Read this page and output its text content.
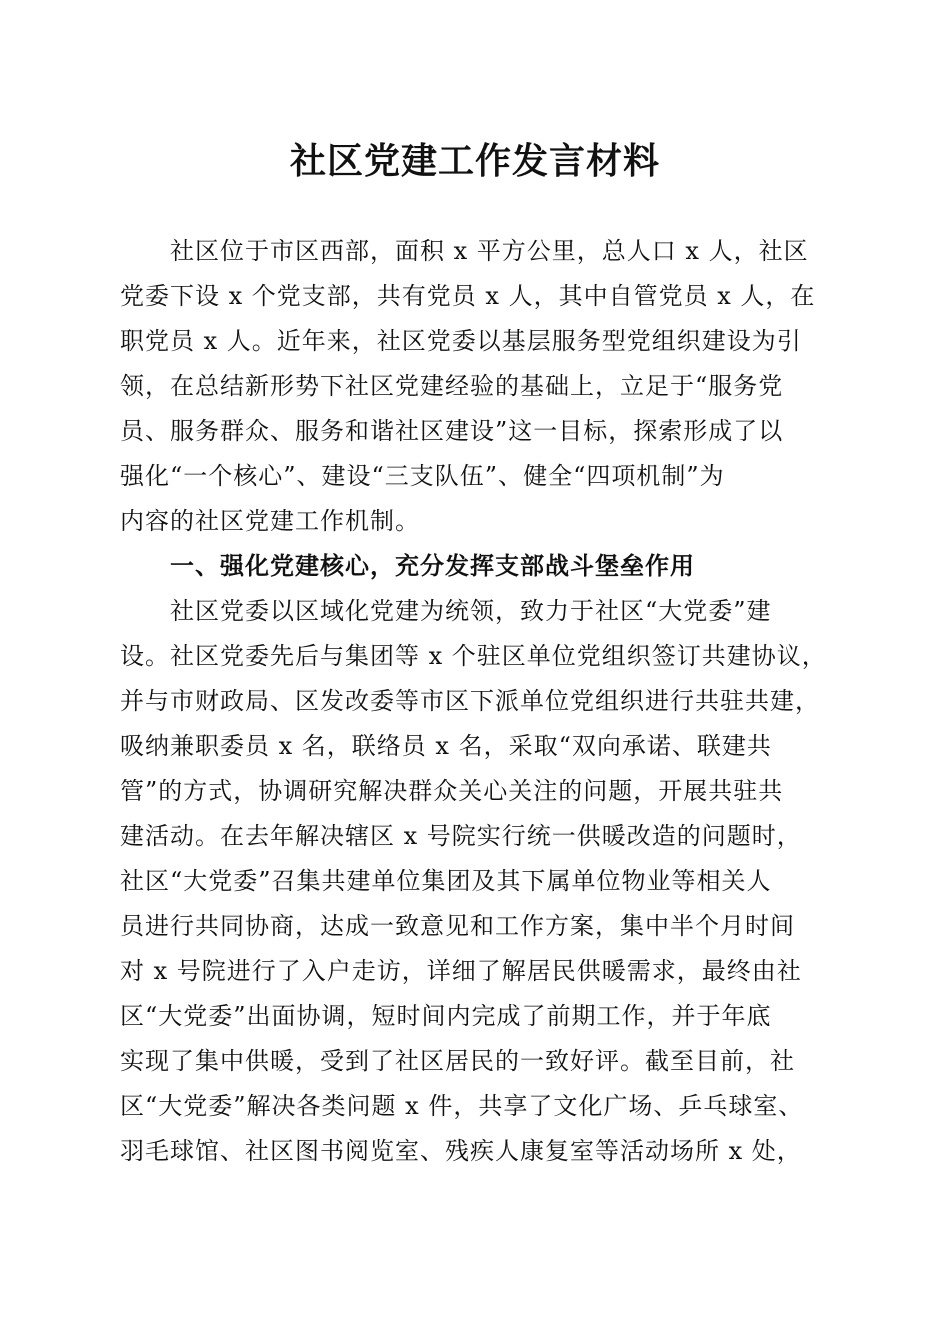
社区党建工作发言材料
社区位于市区西部，面积 x 平方公里，总人口 x 人，社区
党委下设 x 个党支部，共有党员 x 人，其中自管党员 x 人，在
职党员 x 人。近年来，社区党委以基层服务型党组织建设为引
领，在总结新形势下社区党建经验的基础上，立足于“服务党
员、服务群众、服务和谐社区建设”这一目标，探索形成了以
强化“一个核心”、建设“三支队伍”、健全“四项机制”为
内容的社区党建工作机制。
一、强化党建核心，充分发挥支部战斗堡垒作用
社区党委以区域化党建为统领，致力于社区“大党委”建
设。社区党委先后与集团等 x 个驻区单位党组织签订共建协议，
并与市财政局、区发改委等市区下派单位党组织进行共驻共建，
吸纳兼职委员 x 名，联络员 x 名，采取“双向承诺、联建共
管”的方式，协调研究解决群众关心关注的问题，开展共驻共
建活动。在去年解决辖区 x 号院实行统一供暖改造的问题时，
社区“大党委”召集共建单位集团及其下属单位物业等相关人
员进行共同协商，达成一致意见和工作方案，集中半个月时间
对 x 号院进行了入户走访，详细了解居民供暖需求，最终由社
区“大党委”出面协调，短时间内完成了前期工作，并于年底
实现了集中供暖，受到了社区居民的一致好评。截至目前，社
区“大党委”解决各类问题 x 件，共享了文化广场、乒乓球室、
羽毛球馆、社区图书阅览室、残疾人康复室等活动场所 x 处，
